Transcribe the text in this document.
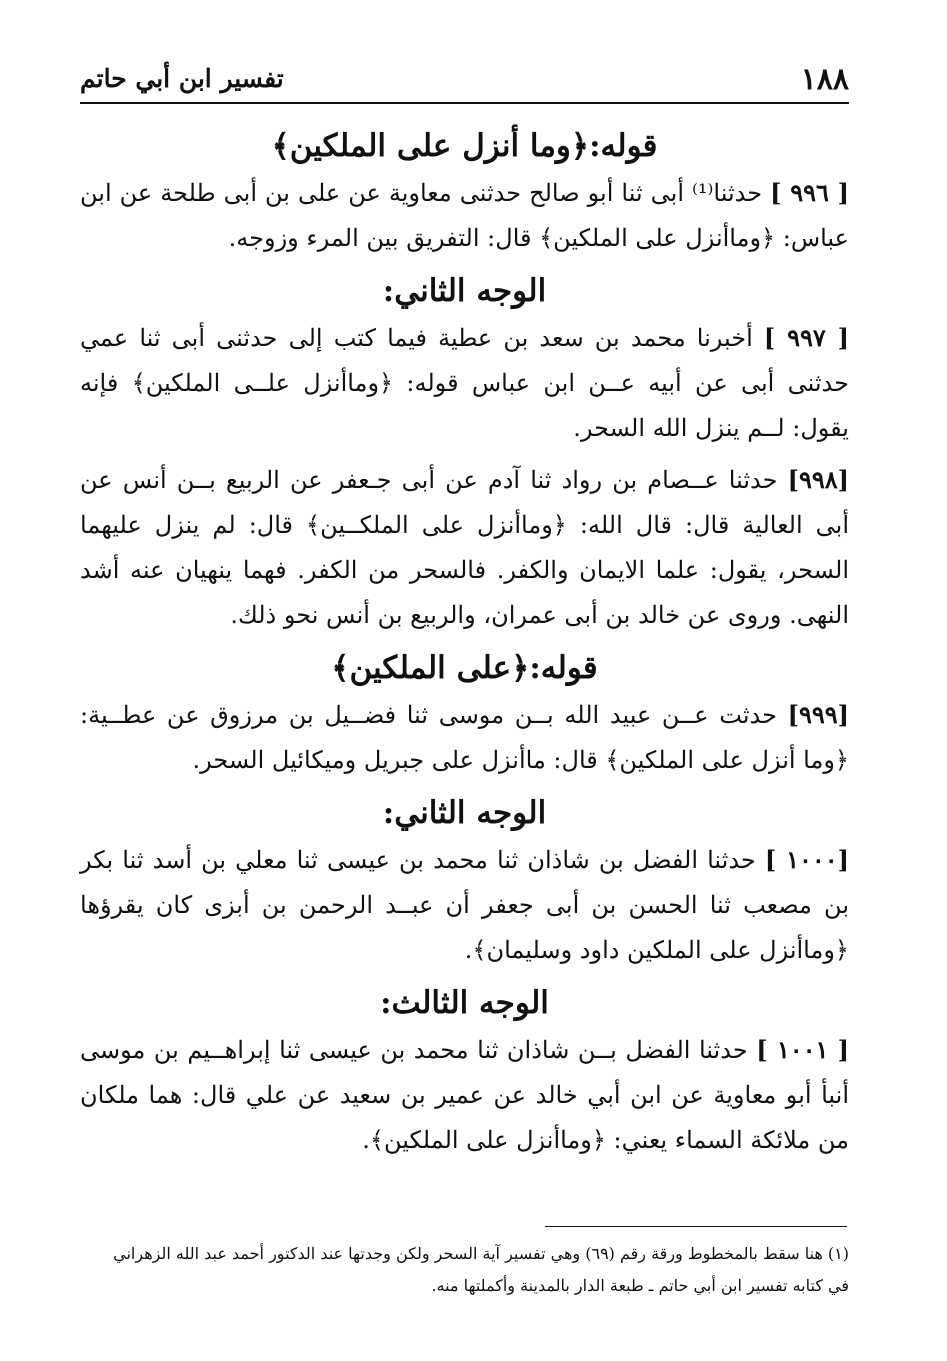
١٨٨
تفسير ابن أبي حاتم
قوله:﴿وما أنزل على الملكين﴾

[ ٩٩٦ ] حدثنا⁽¹⁾ أبى ثنا أبو صالح حدثنى معاوية عن على بن أبى طلحة عن ابن عباس: ﴿وماأنزل على الملكين﴾ قال: التفريق بين المرء وزوجه.

الوجه الثاني:

[ ٩٩٧ ] أخبرنا محمد بن سعد بن عطية فيما كتب إلى حدثنى أبى ثنا عمي حدثنى أبى عن أبيه عــن ابن عباس قوله: ﴿وماأنزل علــى الملكين﴾ فإنه يقول: لــم ينزل الله السحر.

[٩٩٨] حدثنا عــصام بن رواد ثنا آدم عن أبى جـعفر عن الربيع بــن أنس عن أبى العالية قال: قال الله: ﴿وماأنزل على الملكــين﴾ قال: لم ينزل عليهما السحر، يقول: علما الايمان والكفر. فالسحر من الكفر. فهما ينهيان عنه أشد النهى. وروى عن خالد بن أبى عمران، والربيع بن أنس نحو ذلك.

قوله:﴿على الملكين﴾

[٩٩٩] حدثت عــن عبيد الله بــن موسى ثنا فضــيل بن مرزوق عن عطــية: ﴿وما أنزل على الملكين﴾ قال: ماأنزل على جبريل وميكائيل السحر.

الوجه الثاني:

[١٠٠٠ ] حدثنا الفضل بن شاذان ثنا محمد بن عيسى ثنا معلي بن أسد ثنا بكر بن مصعب ثنا الحسن بن أبى جعفر أن عبــد الرحمن بن أبزى كان يقرؤها ﴿وماأنزل على الملكين داود وسليمان﴾.

الوجه الثالث:

[ ١٠٠١ ] حدثنا الفضل بــن شاذان ثنا محمد بن عيسى ثنا إبراهــيم بن موسى أنبأ أبو معاوية عن ابن أبي خالد عن عمير بن سعيد عن علي قال: هما ملكان من ملائكة السماء يعني: ﴿وماأنزل على الملكين﴾.

(١) هنا سقط بالمخطوط ورقة رقم (٦٩) وهي تفسير آية السحر ولكن وجدتها عند الدكتور أحمد عبد الله الزهراني
في كتابه تفسير ابن أبي حاتم ـ طبعة الدار بالمدينة وأكملتها منه.
